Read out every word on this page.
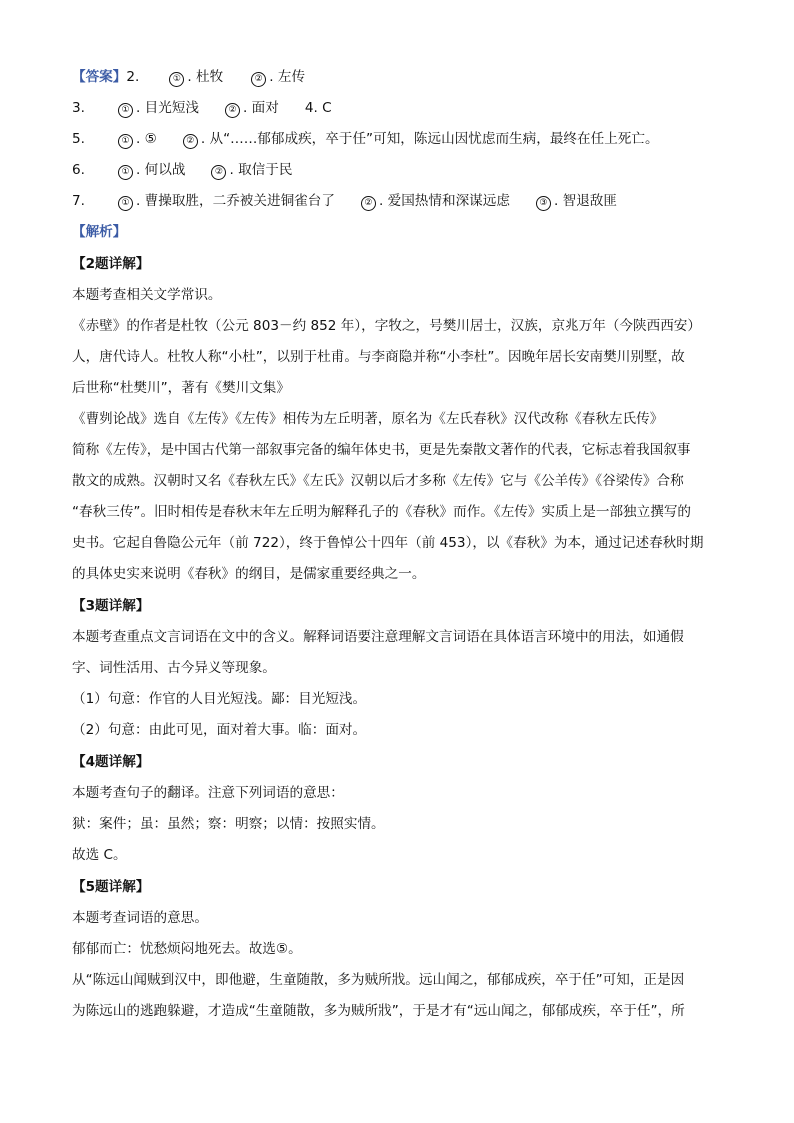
【答案】 2.	① . 杜牧	② . 左传
3.	① . 目光短浅	② . 面对 4. C
5.	① . ⑤	② . 从“……郁郁成疾，卒于任”可知，陈远山因忧虑而生病，最终在任上死亡。
6.	① . 何以战	② . 取信于民
7.	① . 曹操取胜，二乔被关进铜雀台了	② . 爱国热情和深谋远虑	③ . 智退敌匪
【解析】
【2题详解】
本题考查相关文学常识。
《赤壁》的作者是杜牧（公元 803－约 852 年），字牧之，号樊川居士，汉族，京兆万年（今陕西西安）
人，唐代诗人。杜牧人称“小杜”，以别于杜甫。与李商隐并称“小李杜”。因晚年居长安南樊川别墅，故
后世称“杜樊川”，著有《樊川文集》
《曹刿论战》选自《左传》《左传》相传为左丘明著，原名为《左氏春秋》汉代改称《春秋左氏传》
简称《左传》，是中国古代第一部叙事完备的编年体史书，更是先秦散文著作的代表，它标志着我国叙事
散文的成熟。汉朝时又名《春秋左氏》《左氏》汉朝以后才多称《左传》它与《公羊传》《谷梁传》合称
“春秋三传”。旧时相传是春秋末年左丘明为解释孔子的《春秋》而作。《左传》实质上是一部独立撰写的
史书。它起自鲁隐公元年（前 722），终于鲁悼公十四年（前 453），以《春秋》为本，通过记述春秋时期
的具体史实来说明《春秋》的纲目，是儒家重要经典之一。
【3题详解】
本题考查重点文言词语在文中的含义。解释词语要注意理解文言词语在具体语言环境中的用法，如通假
字、词性活用、古今异义等现象。
（1）句意：作官的人目光短浅。鄙：目光短浅。
（2）句意：由此可见，面对着大事。临：面对。
【4题详解】
本题考查句子的翻译。注意下列词语的意思：
狱：案件；虽：虽然；察：明察；以情：按照实情。
故选 C。
【5题详解】
本题考查词语的意思。
郁郁而亡：忧愁烦闷地死去。故选⑤。
从“陈远山闻贼到汉中，即他避，生童随散，多为贼所戕。远山闻之，郁郁成疾，卒于任”可知，正是因
为陈远山的逃跑躲避，才造成“生童随散，多为贼所戕”，于是才有“远山闻之，郁郁成疾，卒于任”，所
